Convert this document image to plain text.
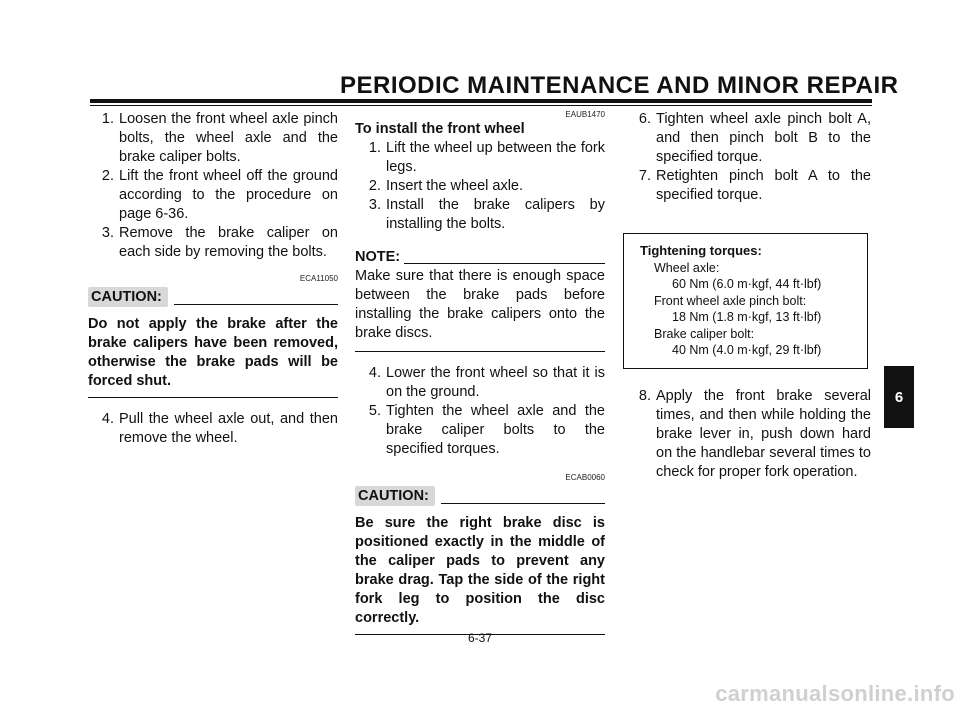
PERIODIC MAINTENANCE AND MINOR REPAIR
1. Loosen the front wheel axle pinch bolts, the wheel axle and the brake caliper bolts.
2. Lift the front wheel off the ground according to the procedure on page 6-36.
3. Remove the brake caliper on each side by removing the bolts.
ECA11050
CAUTION:
Do not apply the brake after the brake calipers have been removed, otherwise the brake pads will be forced shut.
4. Pull the wheel axle out, and then remove the wheel.
EAUB1470
To install the front wheel
1. Lift the wheel up between the fork legs.
2. Insert the wheel axle.
3. Install the brake calipers by installing the bolts.
NOTE:
Make sure that there is enough space between the brake pads before installing the brake calipers onto the brake discs.
4. Lower the front wheel so that it is on the ground.
5. Tighten the wheel axle and the brake caliper bolts to the specified torques.
ECAB0060
CAUTION:
Be sure the right brake disc is positioned exactly in the middle of the caliper pads to prevent any brake drag. Tap the side of the right fork leg to position the disc correctly.
6. Tighten wheel axle pinch bolt A, and then pinch bolt B to the specified torque.
7. Retighten pinch bolt A to the specified torque.
Tightening torques:
Wheel axle:
60 Nm (6.0 m·kgf, 44 ft·lbf)
Front wheel axle pinch bolt:
18 Nm (1.8 m·kgf, 13 ft·lbf)
Brake caliper bolt:
40 Nm (4.0 m·kgf, 29 ft·lbf)
8. Apply the front brake several times, and then while holding the brake lever in, push down hard on the handlebar several times to check for proper fork operation.
6
6-37
carmanualsonline.info
